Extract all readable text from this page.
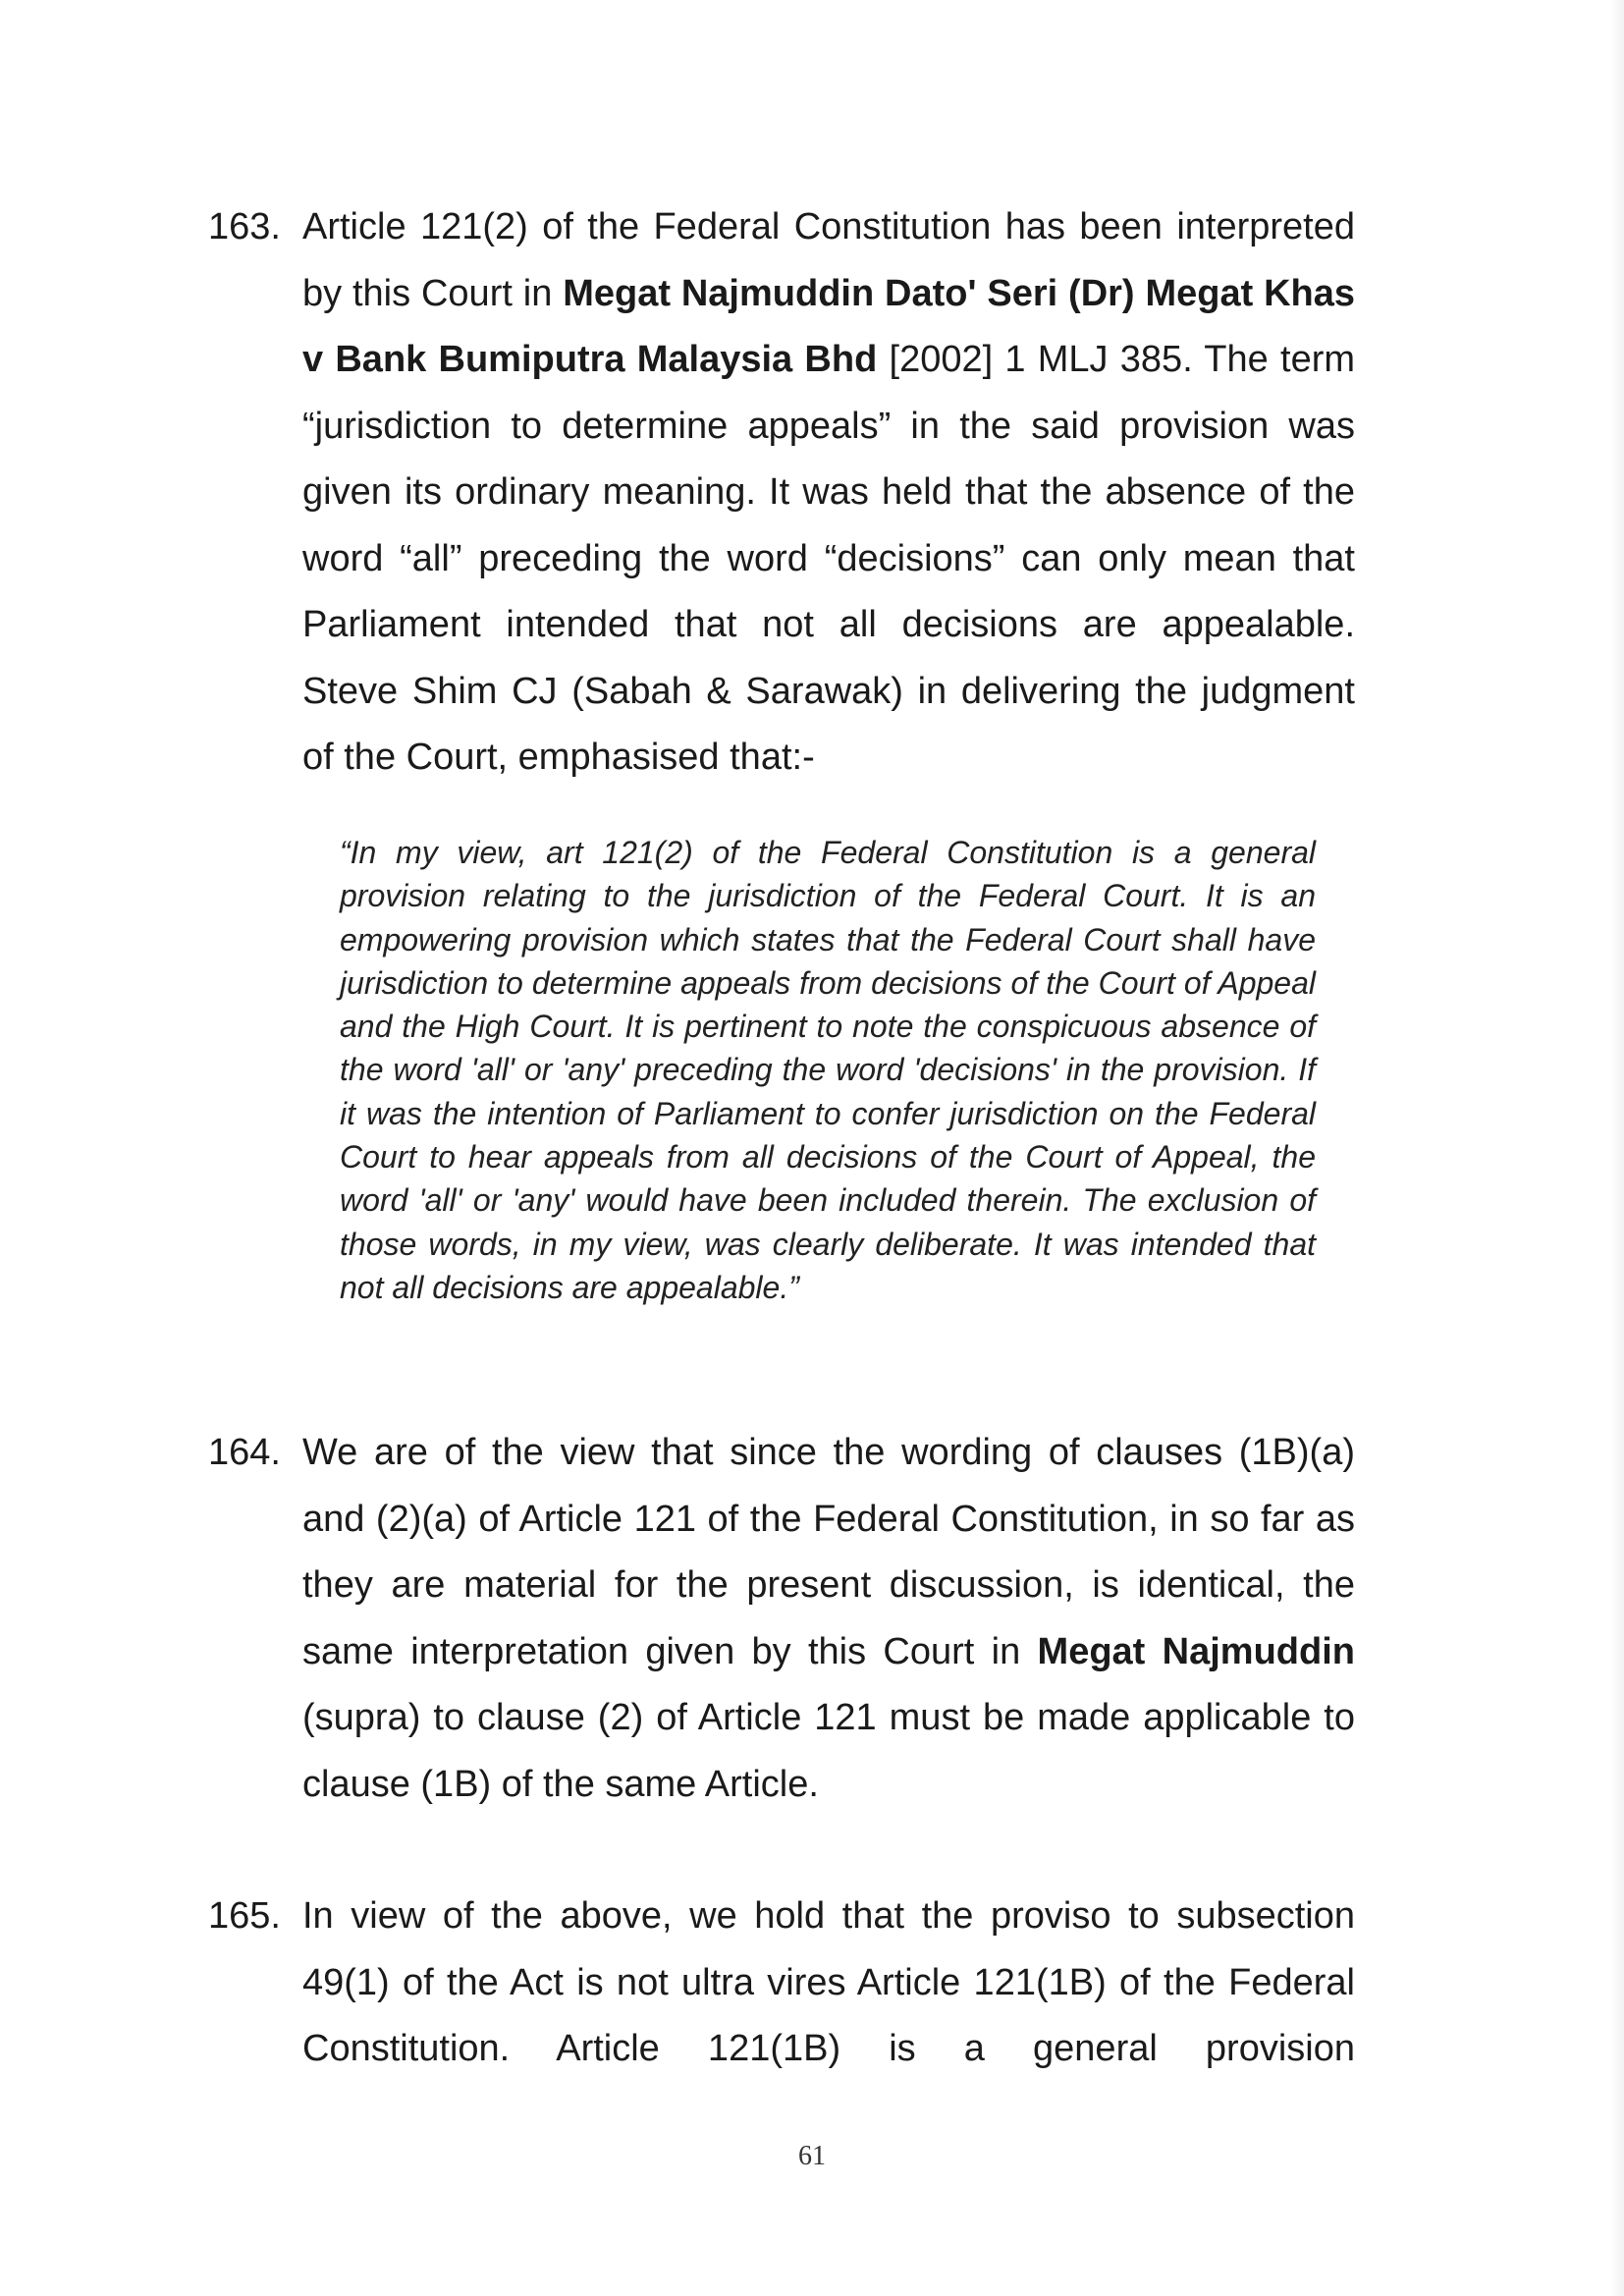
163. Article 121(2) of the Federal Constitution has been interpreted by this Court in Megat Najmuddin Dato' Seri (Dr) Megat Khas v Bank Bumiputra Malaysia Bhd [2002] 1 MLJ 385. The term “jurisdiction to determine appeals” in the said provision was given its ordinary meaning. It was held that the absence of the word “all” preceding the word “decisions” can only mean that Parliament intended that not all decisions are appealable. Steve Shim CJ (Sabah & Sarawak) in delivering the judgment of the Court, emphasised that:-
“In my view, art 121(2) of the Federal Constitution is a general provision relating to the jurisdiction of the Federal Court. It is an empowering provision which states that the Federal Court shall have jurisdiction to determine appeals from decisions of the Court of Appeal and the High Court. It is pertinent to note the conspicuous absence of the word 'all' or 'any' preceding the word 'decisions' in the provision. If it was the intention of Parliament to confer jurisdiction on the Federal Court to hear appeals from all decisions of the Court of Appeal, the word 'all' or 'any' would have been included therein. The exclusion of those words, in my view, was clearly deliberate. It was intended that not all decisions are appealable.”
164. We are of the view that since the wording of clauses (1B)(a) and (2)(a) of Article 121 of the Federal Constitution, in so far as they are material for the present discussion, is identical, the same interpretation given by this Court in Megat Najmuddin (supra) to clause (2) of Article 121 must be made applicable to clause (1B) of the same Article.
165. In view of the above, we hold that the proviso to subsection 49(1) of the Act is not ultra vires Article 121(1B) of the Federal Constitution. Article 121(1B) is a general provision
61
